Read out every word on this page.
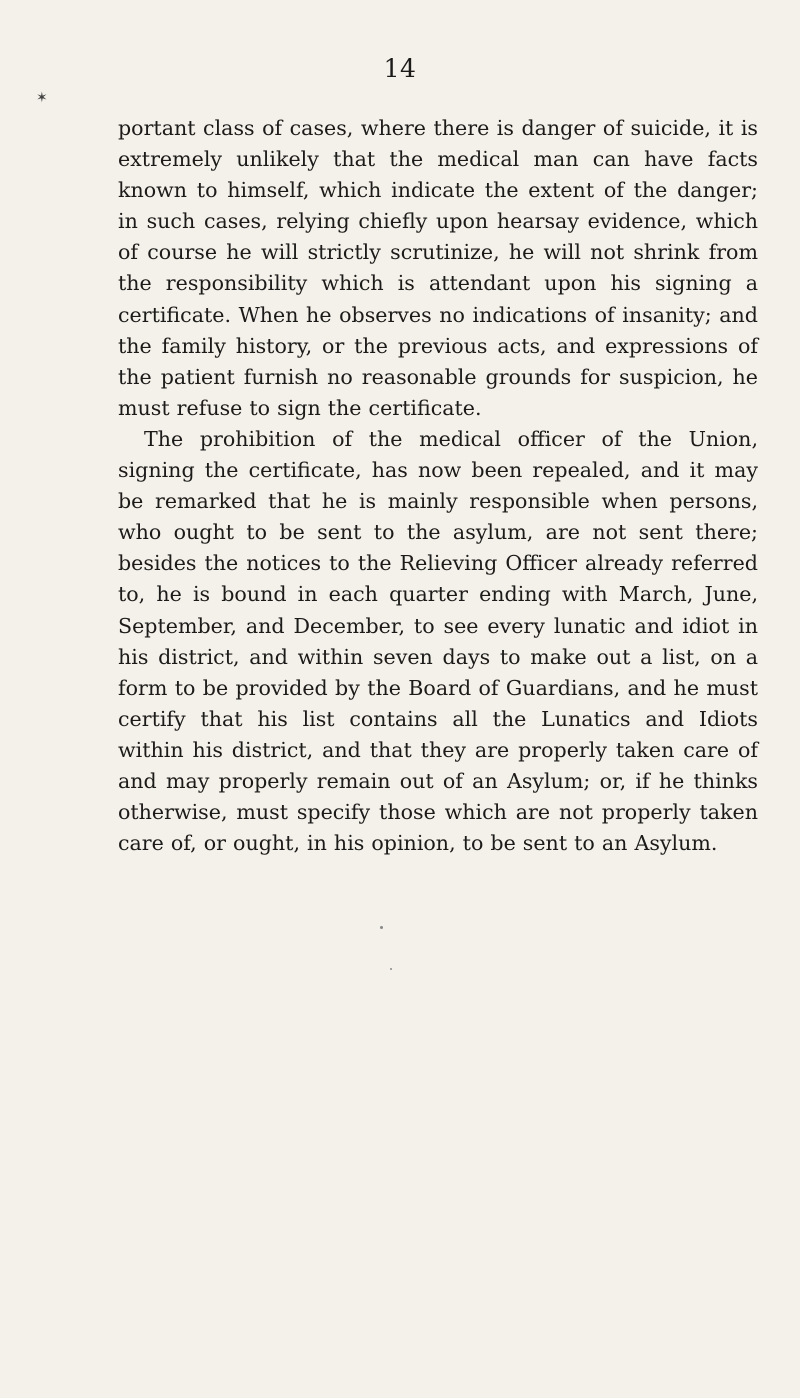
14
✶

portant class of cases, where there is danger of suicide, it is extremely unlikely that the medical man can have facts known to himself, which indicate the extent of the danger; in such cases, relying chiefly upon hearsay evidence, which of course he will strictly scrutinize, he will not shrink from the responsibility which is attendant upon his signing a certificate. When he observes no indications of insanity; and the family history, or the previous acts, and expressions of the patient furnish no reasonable grounds for suspicion, he must refuse to sign the certificate.

The prohibition of the medical officer of the Union, signing the certificate, has now been repealed, and it may be remarked that he is mainly responsible when persons, who ought to be sent to the asylum, are not sent there; besides the notices to the Relieving Officer already referred to, he is bound in each quarter ending with March, June, September, and December, to see every lunatic and idiot in his district, and within seven days to make out a list, on a form to be provided by the Board of Guardians, and he must certify that his list contains all the Lunatics and Idiots within his district, and that they are properly taken care of and may properly remain out of an Asylum; or, if he thinks otherwise, must specify those which are not properly taken care of, or ought, in his opinion, to be sent to an Asylum.
